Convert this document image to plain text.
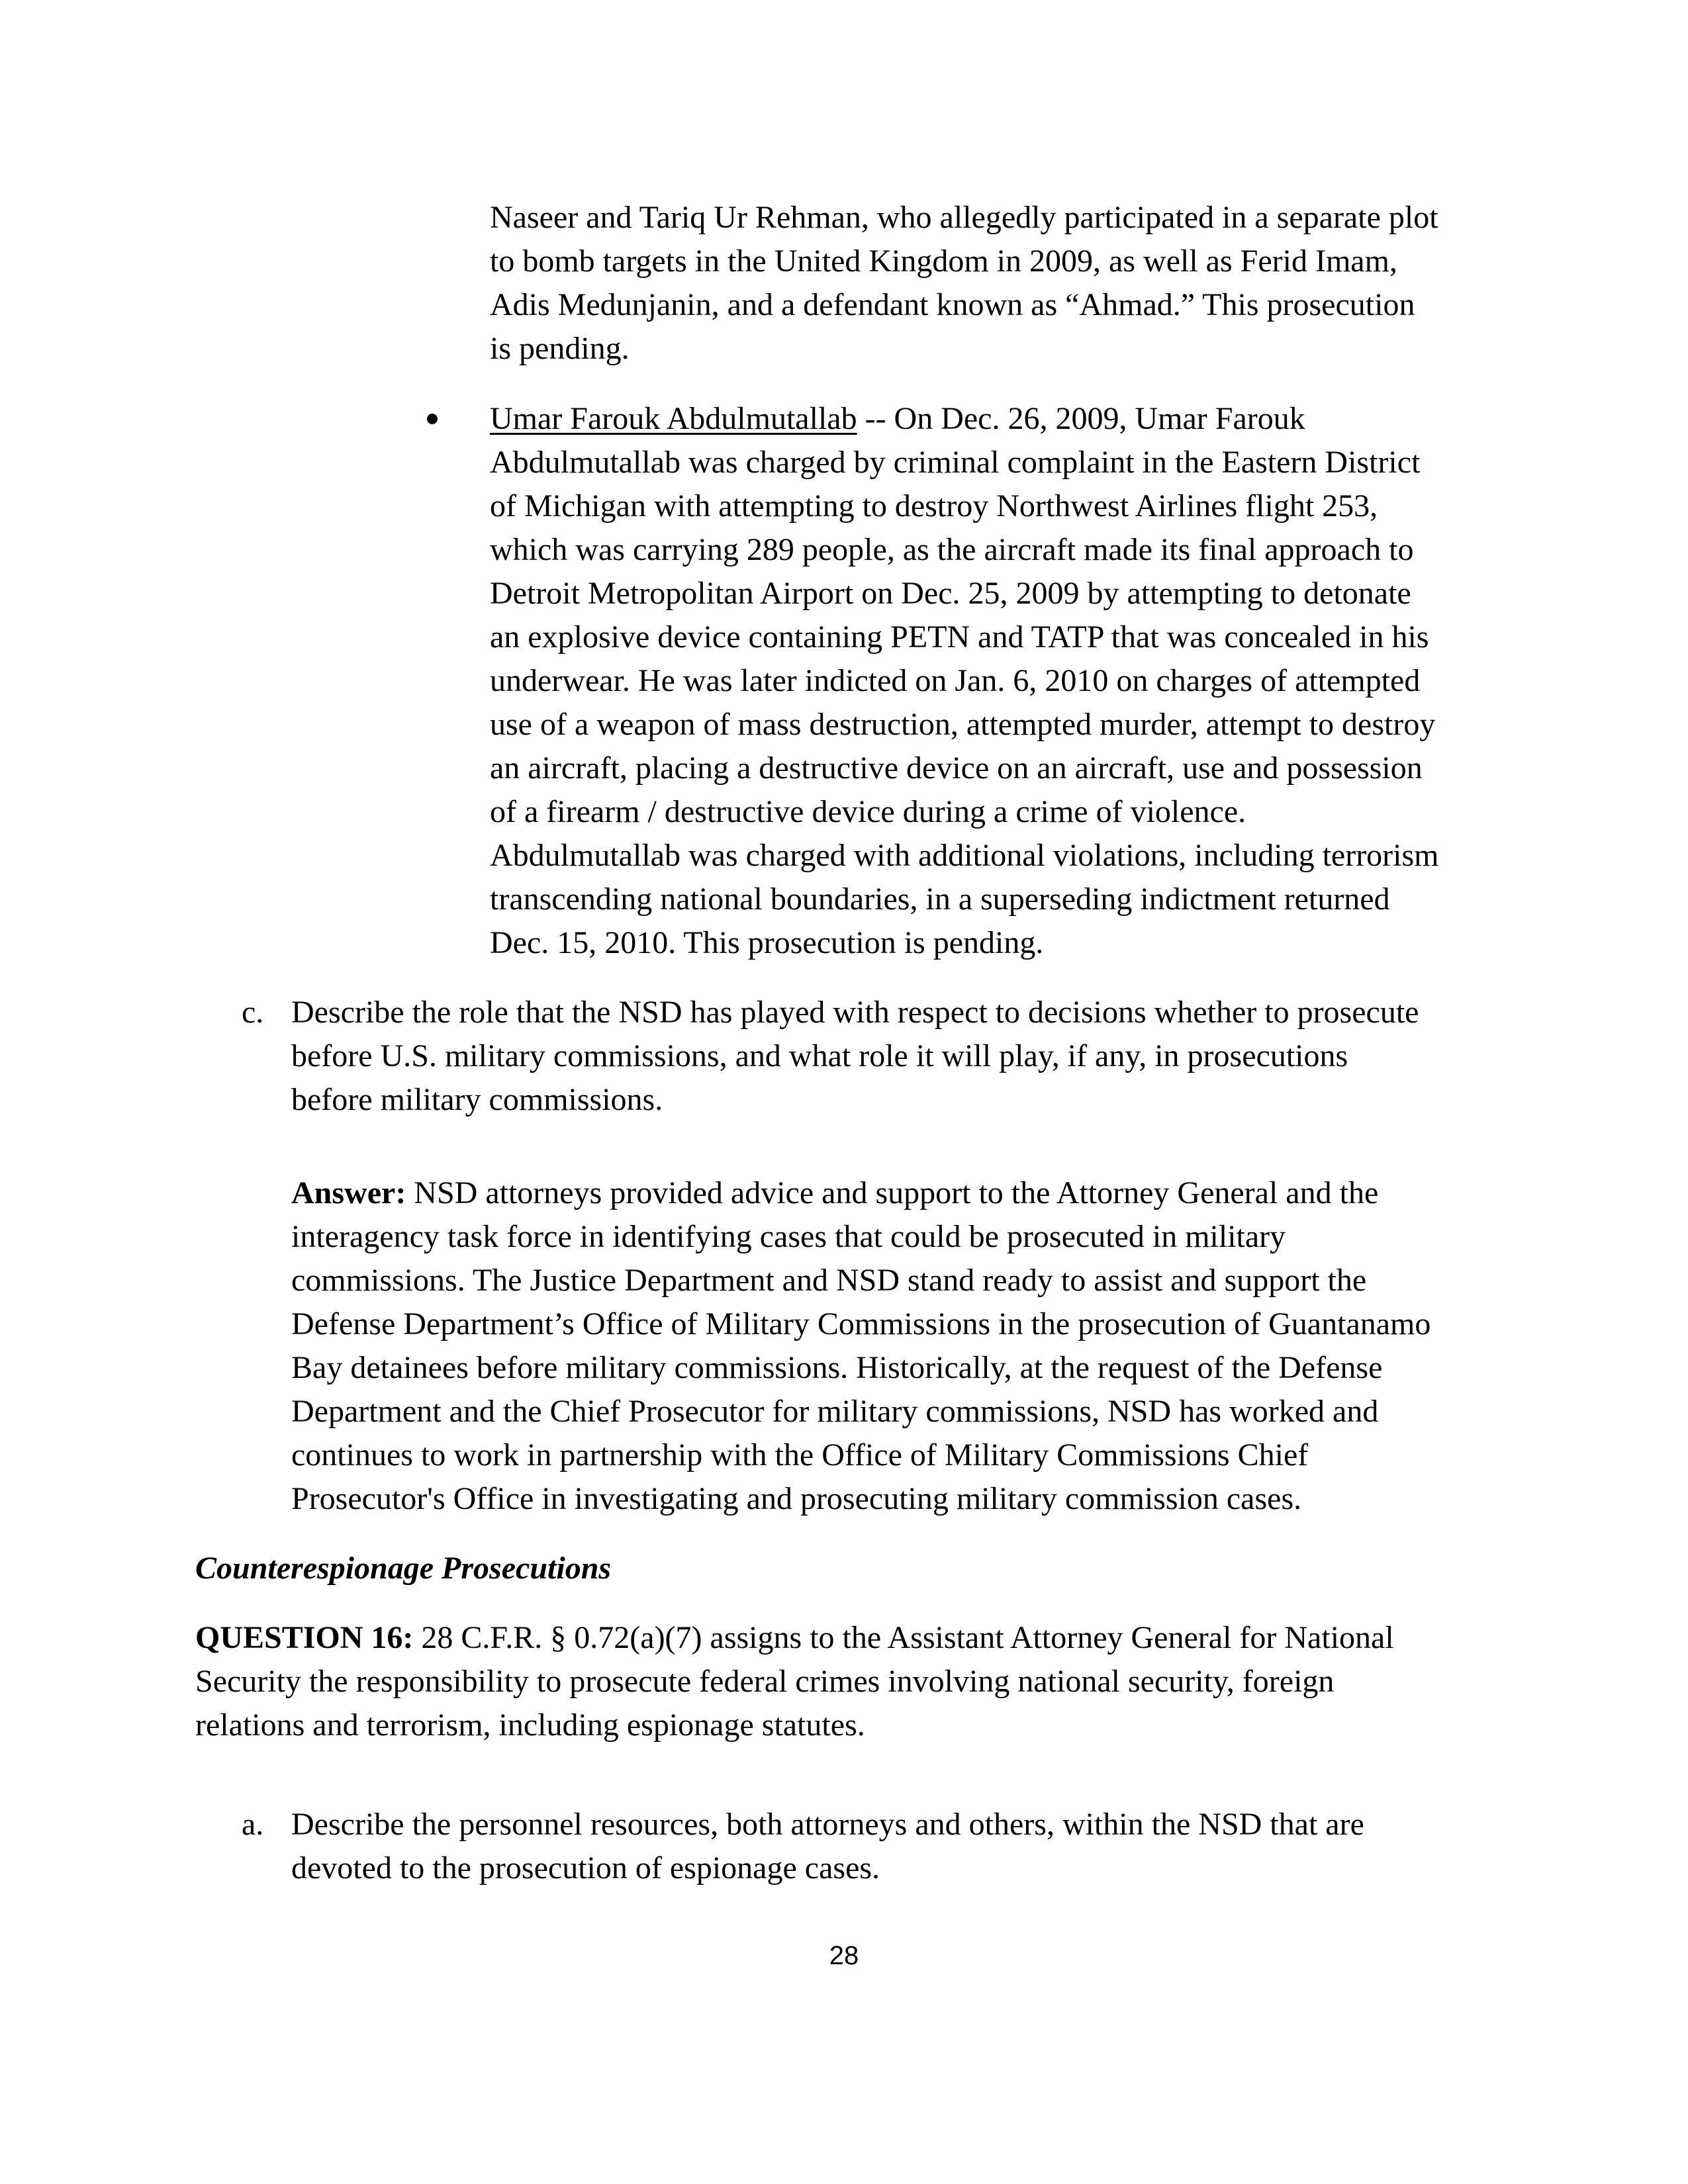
Naseer and Tariq Ur Rehman, who allegedly participated in a separate plot
to bomb targets in the United Kingdom in 2009, as well as Ferid Imam,
Adis Medunjanin, and a defendant known as “Ahmad.” This prosecution
is pending.
Umar Farouk Abdulmutallab -- On Dec. 26, 2009, Umar Farouk
Abdulmutallab was charged by criminal complaint in the Eastern District
of Michigan with attempting to destroy Northwest Airlines flight 253,
which was carrying 289 people, as the aircraft made its final approach to
Detroit Metropolitan Airport on Dec. 25, 2009 by attempting to detonate
an explosive device containing PETN and TATP that was concealed in his
underwear. He was later indicted on Jan. 6, 2010 on charges of attempted
use of a weapon of mass destruction, attempted murder, attempt to destroy
an aircraft, placing a destructive device on an aircraft, use and possession
of a firearm / destructive device during a crime of violence.
Abdulmutallab was charged with additional violations, including terrorism
transcending national boundaries, in a superseding indictment returned
Dec. 15, 2010. This prosecution is pending.
c. Describe the role that the NSD has played with respect to decisions whether to prosecute
before U.S. military commissions, and what role it will play, if any, in prosecutions
before military commissions.
Answer: NSD attorneys provided advice and support to the Attorney General and the
interagency task force in identifying cases that could be prosecuted in military
commissions. The Justice Department and NSD stand ready to assist and support the
Defense Department’s Office of Military Commissions in the prosecution of Guantanamo
Bay detainees before military commissions. Historically, at the request of the Defense
Department and the Chief Prosecutor for military commissions, NSD has worked and
continues to work in partnership with the Office of Military Commissions Chief
Prosecutor's Office in investigating and prosecuting military commission cases.
Counterespionage Prosecutions
QUESTION 16: 28 C.F.R. § 0.72(a)(7) assigns to the Assistant Attorney General for National
Security the responsibility to prosecute federal crimes involving national security, foreign
relations and terrorism, including espionage statutes.
a. Describe the personnel resources, both attorneys and others, within the NSD that are
devoted to the prosecution of espionage cases.
28
